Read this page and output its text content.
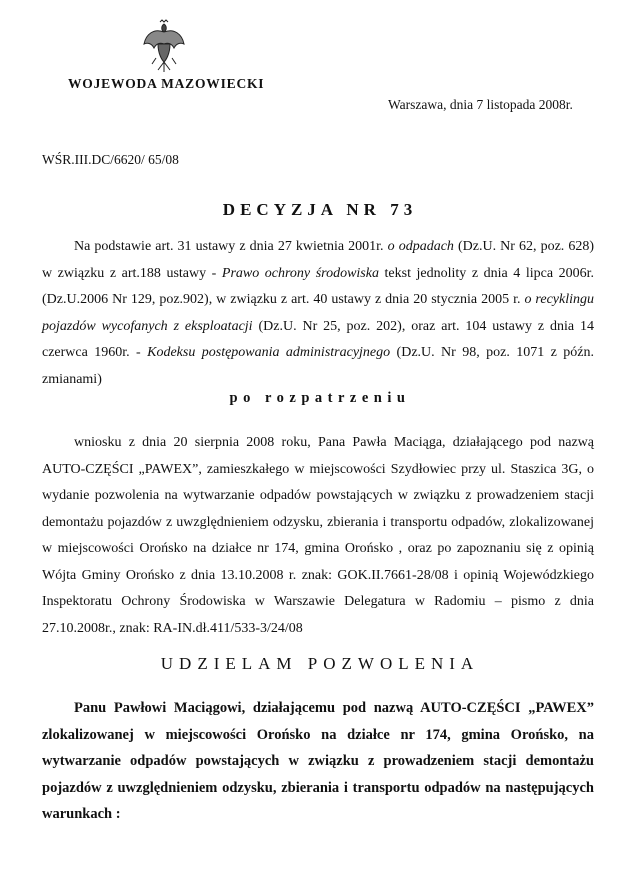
WOJEWODA MAZOWIECKI
Warszawa, dnia 7 listopada 2008r.
WŚR.III.DC/6620/ 65/08
DECYZJA NR 73

Na podstawie art. 31 ustawy z dnia 27 kwietnia 2001r. o odpadach (Dz.U. Nr 62, poz. 628) w związku z art.188 ustawy - Prawo ochrony środowiska tekst jednolity z dnia 4 lipca 2006r. (Dz.U.2006 Nr 129, poz.902), w związku z art. 40 ustawy z dnia 20 stycznia 2005 r. o recyklingu pojazdów wycofanych z eksploatacji (Dz.U. Nr 25, poz. 202), oraz art. 104 ustawy z dnia 14 czerwca 1960r. - Kodeksu postępowania administracyjnego (Dz.U. Nr 98, poz. 1071 z późn. zmianami)

po rozpatrzeniu

wniosku z dnia 20 sierpnia 2008 roku, Pana Pawła Maciąga, działającego pod nazwą AUTO-CZĘŚCI „PAWEX”, zamieszkałego w miejscowości Szydłowiec przy ul. Staszica 3G, o wydanie pozwolenia na wytwarzanie odpadów powstających w związku z prowadzeniem stacji demontażu pojazdów z uwzględnieniem odzysku, zbierania i transportu odpadów, zlokalizowanej w miejscowości Orońsko na działce nr 174, gmina Orońsko , oraz po zapoznaniu się z opinią Wójta Gminy Orońsko z dnia 13.10.2008 r. znak: GOK.II.7661-28/08 i opinią Wojewódzkiego Inspektoratu Ochrony Środowiska w Warszawie Delegatura w Radomiu – pismo z dnia 27.10.2008r., znak: RA-IN.dł.411/533-3/24/08

UDZIELAM POZWOLENIA

Panu Pawłowi Maciągowi, działającemu pod nazwą AUTO-CZĘŚCI „PAWEX” zlokalizowanej w miejscowości Orońsko na działce nr 174, gmina Orońsko, na wytwarzanie odpadów powstających w związku z prowadzeniem stacji demontażu pojazdów z uwzględnieniem odzysku, zbierania i transportu odpadów na następujących warunkach :
